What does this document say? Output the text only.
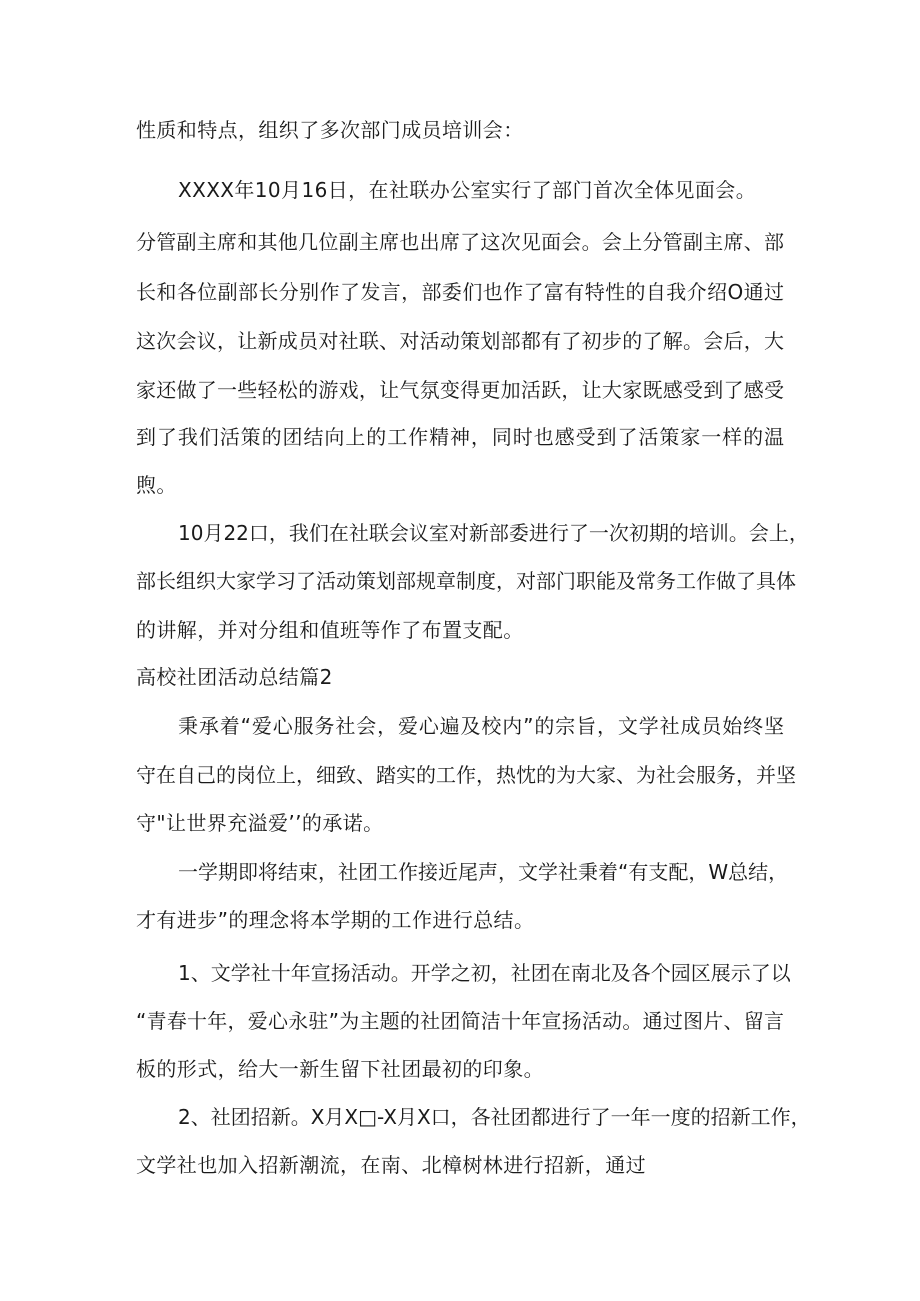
性质和特点，组织了多次部门成员培训会：

XXXX年10月16日，在社联办公室实行了部门首次全体见面会。

分管副主席和其他几位副主席也出席了这次见面会。会上分管副主席、部

长和各位副部长分别作了发言，部委们也作了富有特性的自我介绍O通过

这次会议，让新成员对社联、对活动策划部都有了初步的了解。会后，大

家还做了一些轻松的游戏，让气氛变得更加活跃，让大家既感受到了感受

到了我们活策的团结向上的工作精神，同时也感受到了活策家一样的温

煦。

10月22口，我们在社联会议室对新部委进行了一次初期的培训。会上，

部长组织大家学习了活动策划部规章制度，对部门职能及常务工作做了具体

的讲解，并对分组和值班等作了布置支配。

高校社团活动总结篇2

秉承着“爱心服务社会，爱心遍及校内”的宗旨，文学社成员始终坚

守在自己的岗位上，细致、踏实的工作，热忱的为大家、为社会服务，并坚

守"让世界充溢爱’’的承诺。

一学期即将结束，社团工作接近尾声，文学社秉着“有支配，W总结，

才有进步”的理念将本学期的工作进行总结。

1、文学社十年宣扬活动。开学之初，社团在南北及各个园区展示了以

“青春十年，爱心永驻”为主题的社团简洁十年宣扬活动。通过图片、留言

板的形式，给大一新生留下社团最初的印象。

2、社团招新。X月X□-X月X口，各社团都进行了一年一度的招新工作，

文学社也加入招新潮流，在南、北樟树林进行招新，通过
